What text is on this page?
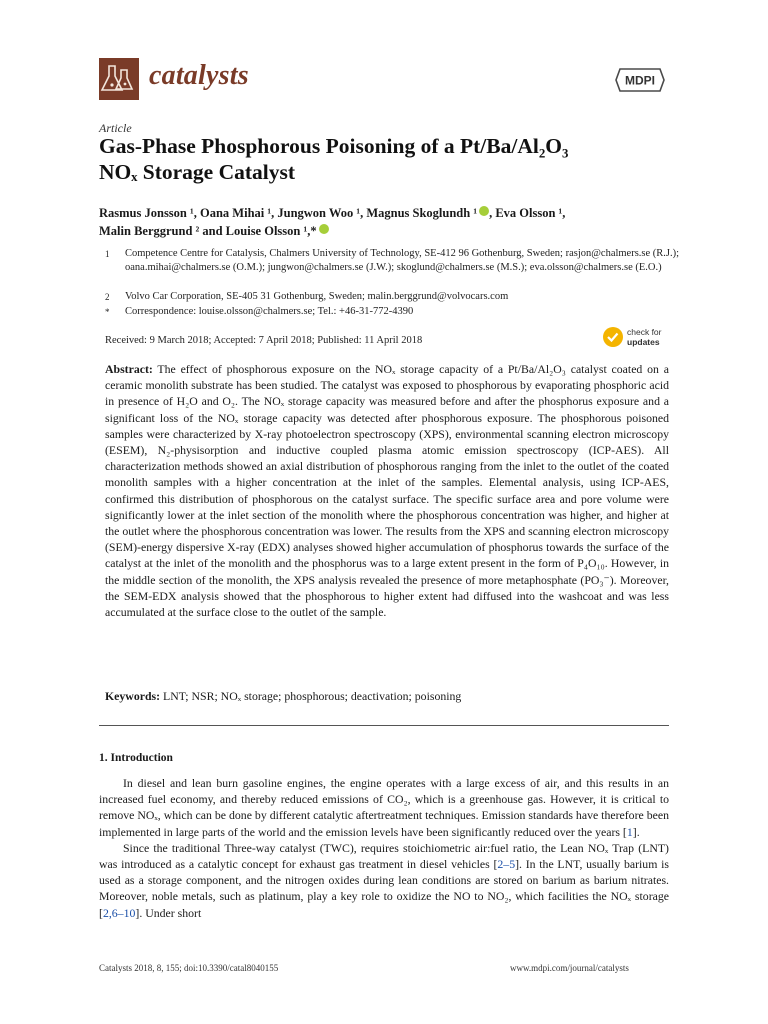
catalysts	MDPI
Article
Gas-Phase Phosphorous Poisoning of a Pt/Ba/Al₂O₃
NOₓ Storage Catalyst
Rasmus Jonsson ¹, Oana Mihai ¹, Jungwon Woo ¹, Magnus Skoglundh ¹ , Eva Olsson ¹,
Malin Berggrund ² and Louise Olsson ¹,*
1	Competence Centre for Catalysis, Chalmers University of Technology, SE-412 96 Gothenburg, Sweden; rasjon@chalmers.se (R.J.); oana.mihai@chalmers.se (O.M.); jungwon@chalmers.se (J.W.); skoglund@chalmers.se (M.S.); eva.olsson@chalmers.se (E.O.)
2	Volvo Car Corporation, SE-405 31 Gothenburg, Sweden; malin.berggrund@volvocars.com
*	Correspondence: louise.olsson@chalmers.se; Tel.: +46-31-772-4390
Received: 9 March 2018; Accepted: 7 April 2018; Published: 11 April 2018
check for
updates
Abstract: The effect of phosphorous exposure on the NOₓ storage capacity of a Pt/Ba/Al₂O₃ catalyst coated on a ceramic monolith substrate has been studied. The catalyst was exposed to phosphorous by evaporating phosphoric acid in presence of H₂O and O₂. The NOₓ storage capacity was measured before and after the phosphorus exposure and a significant loss of the NOₓ storage capacity was detected after phosphorous exposure. The phosphorous poisoned samples were characterized by X-ray photoelectron spectroscopy (XPS), environmental scanning electron microscopy (ESEM), N₂-physisorption and inductive coupled plasma atomic emission spectroscopy (ICP-AES). All characterization methods showed an axial distribution of phosphorous ranging from the inlet to the outlet of the coated monolith samples with a higher concentration at the inlet of the samples. Elemental analysis, using ICP-AES, confirmed this distribution of phosphorous on the catalyst surface. The specific surface area and pore volume were significantly lower at the inlet section of the monolith where the phosphorous concentration was higher, and higher at the outlet where the phosphorous concentration was lower. The results from the XPS and scanning electron microscopy (SEM)-energy dispersive X-ray (EDX) analyses showed higher accumulation of phosphorus towards the surface of the catalyst at the inlet of the monolith and the phosphorus was to a large extent present in the form of P₄O₁₀. However, in the middle section of the monolith, the XPS analysis revealed the presence of more metaphosphate (PO₃⁻). Moreover, the SEM-EDX analysis showed that the phosphorous to higher extent had diffused into the washcoat and was less accumulated at the surface close to the outlet of the sample.
Keywords: LNT; NSR; NOₓ storage; phosphorous; deactivation; poisoning
1. Introduction

In diesel and lean burn gasoline engines, the engine operates with a large excess of air, and this results in an increased fuel economy, and thereby reduced emissions of CO₂, which is a greenhouse gas. However, it is critical to remove NOₓ, which can be done by different catalytic aftertreatment techniques. Emission standards have therefore been implemented in large parts of the world and the emission levels have been significantly reduced over the years [1].

Since the traditional Three-way catalyst (TWC), requires stoichiometric air:fuel ratio, the Lean NOₓ Trap (LNT) was introduced as a catalytic concept for exhaust gas treatment in diesel vehicles [2–5]. In the LNT, usually barium is used as a storage component, and the nitrogen oxides during lean conditions are stored on barium as barium nitrates. Moreover, noble metals, such as platinum, play a key role to oxidize the NO to NO₂, which facilities the NOₓ storage [2,6–10]. Under short

Catalysts 2018, 8, 155; doi:10.3390/catal8040155	www.mdpi.com/journal/catalysts
